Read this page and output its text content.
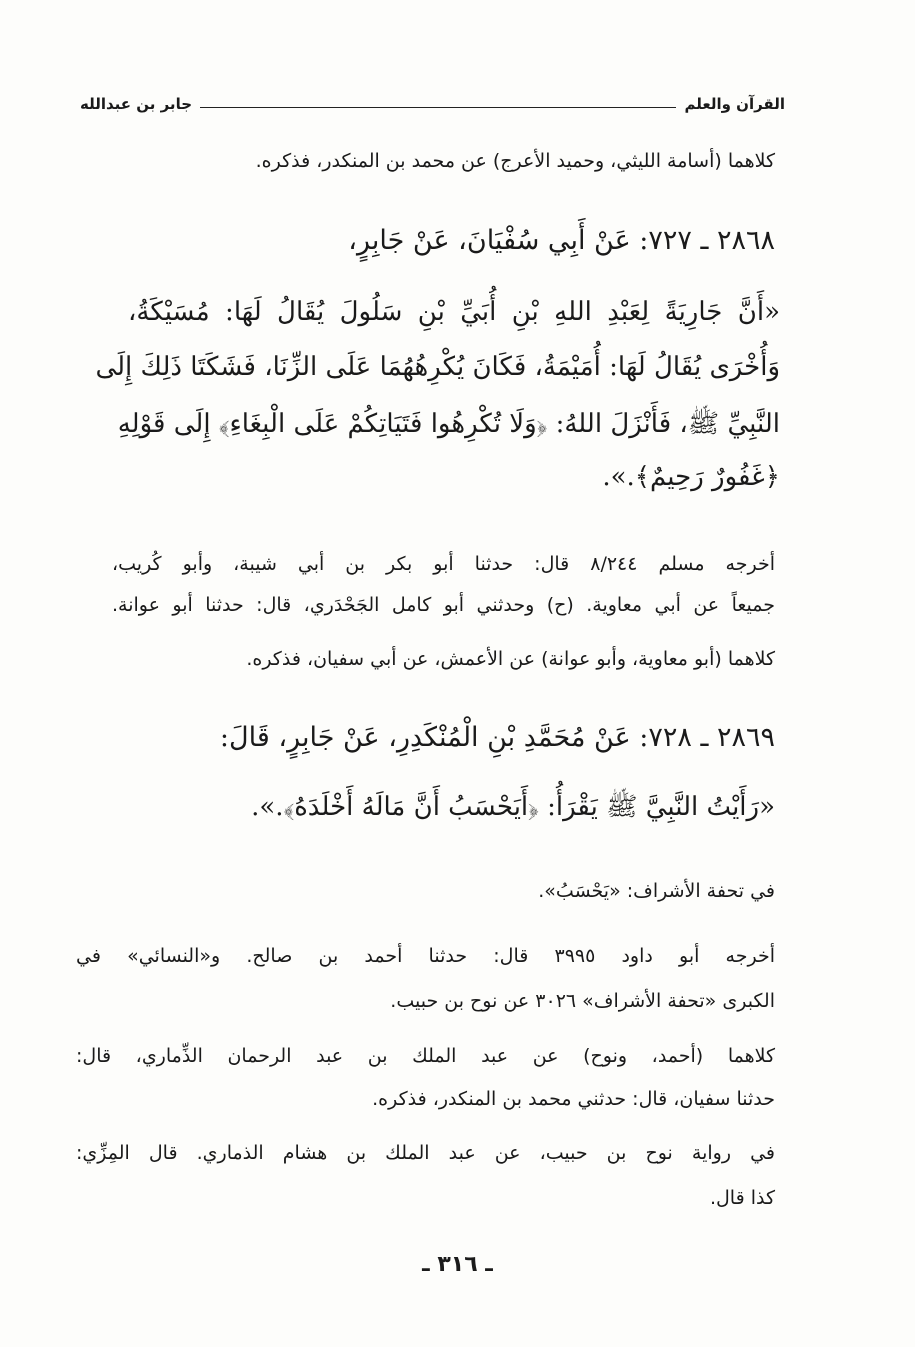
القرآن والعلم
جابر بن عبدالله
كلاهما (أسامة الليثي، وحميد الأعرج) عن محمد بن المنكدر، فذكره.
٢٨٦٨ ـ ٧٢٧: عَنْ أَبِي سُفْيَانَ، عَنْ جَابِرٍ،
«أَنَّ جَارِيَةً لِعَبْدِ اللهِ بْنِ أُبَيِّ بْنِ سَلُولَ يُقَالُ لَهَا: مُسَيْكَةُ،
وَأُخْرَى يُقَالُ لَهَا: أُمَيْمَةُ، فَكَانَ يُكْرِهُهُمَا عَلَى الزِّنَا، فَشَكَتَا ذَلِكَ إِلَى
النَّبِيِّ ﷺ، فَأَنْزَلَ اللهُ: ﴿وَلَا تُكْرِهُوا فَتَيَاتِكُمْ عَلَى الْبِغَاءِ﴾ إِلَى قَوْلِهِ
﴿غَفُورٌ رَحِيمٌ﴾.».
أخرجه مسلم ٨/٢٤٤ قال: حدثنا أبو بكر بن أبي شيبة، وأبو كُريب،
جميعاً عن أبي معاوية. (ح) وحدثني أبو كامل الجَحْدَري، قال: حدثنا أبو عوانة.
كلاهما (أبو معاوية، وأبو عوانة) عن الأعمش، عن أبي سفيان، فذكره.
٢٨٦٩ ـ ٧٢٨: عَنْ مُحَمَّدِ بْنِ الْمُنْكَدِرِ، عَنْ جَابِرٍ، قَالَ:
«رَأَيْتُ النَّبِيَّ ﷺ يَقْرَأُ: ﴿أَيَحْسَبُ أَنَّ مَالَهُ أَخْلَدَهُ﴾.».
في تحفة الأشراف: «يَحْسَبُ».
أخرجه أبو داود ٣٩٩٥ قال: حدثنا أحمد بن صالح. و«النسائي» في
الكبرى «تحفة الأشراف» ٣٠٢٦ عن نوح بن حبيب.
كلاهما (أحمد، ونوح) عن عبد الملك بن عبد الرحمان الذِّماري، قال:
حدثنا سفيان، قال: حدثني محمد بن المنكدر، فذكره.
في رواية نوح بن حبيب، عن عبد الملك بن هشام الذماري. قال المِزِّي:
كذا قال.
ـ ٣١٦ ـ
